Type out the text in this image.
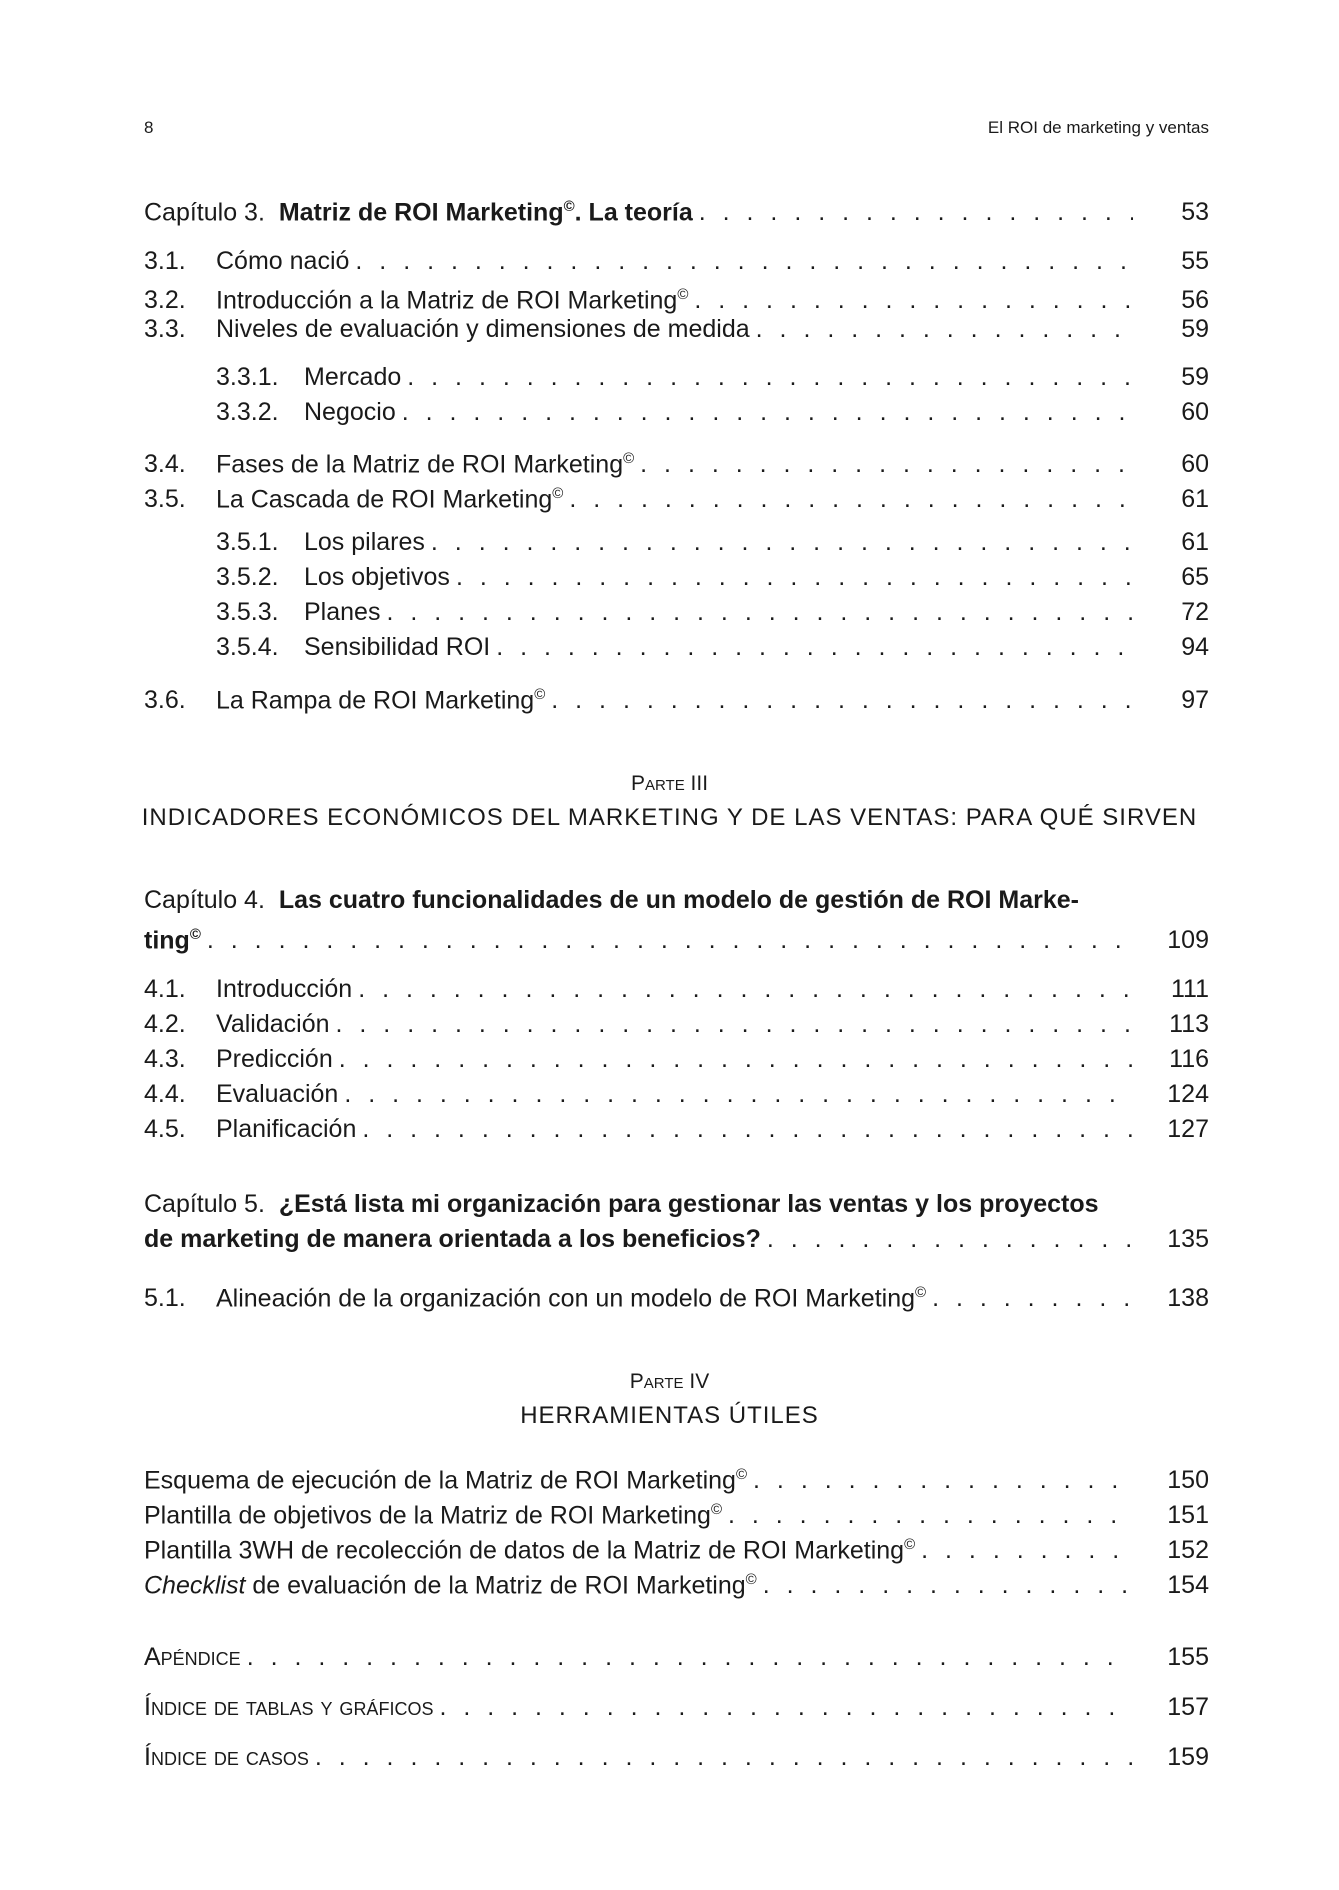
8	El ROI de marketing y ventas
Capítulo 3. Matriz de ROI Marketing©. La teoría . . .	53
3.1.	Cómo nació . . .	55
3.2.	Introducción a la Matriz de ROI Marketing© . . .	56
3.3.	Niveles de evaluación y dimensiones de medida . . .	59
3.3.1.	Mercado . . .	59
3.3.2.	Negocio . . .	60
3.4.	Fases de la Matriz de ROI Marketing© . . .	60
3.5.	La Cascada de ROI Marketing© . . .	61
3.5.1.	Los pilares . . .	61
3.5.2.	Los objetivos . . .	65
3.5.3.	Planes . . .	72
3.5.4.	Sensibilidad ROI . . .	94
3.6.	La Rampa de ROI Marketing© . . .	97
Parte III
INDICADORES ECONÓMICOS DEL MARKETING Y DE LAS VENTAS: PARA QUÉ SIRVEN
Capítulo 4. Las cuatro funcionalidades de un modelo de gestión de ROI Marke-
ting© . . .	109
4.1.	Introducción . . .	111
4.2.	Validación . . .	113
4.3.	Predicción . . .	116
4.4.	Evaluación . . .	124
4.5.	Planificación . . .	127
Capítulo 5. ¿Está lista mi organización para gestionar las ventas y los proyectos
de marketing de manera orientada a los beneficios? . . .	135
5.1.	Alineación de la organización con un modelo de ROI Marketing© . . .	138
Parte IV
HERRAMIENTAS ÚTILES
Esquema de ejecución de la Matriz de ROI Marketing© . . .	150
Plantilla de objetivos de la Matriz de ROI Marketing© . . .	151
Plantilla 3WH de recolección de datos de la Matriz de ROI Marketing© . . .	152
Checklist de evaluación de la Matriz de ROI Marketing© . . .	154
Apéndice . . .	155
Índice de tablas y gráficos . . .	157
Índice de casos . . .	159
